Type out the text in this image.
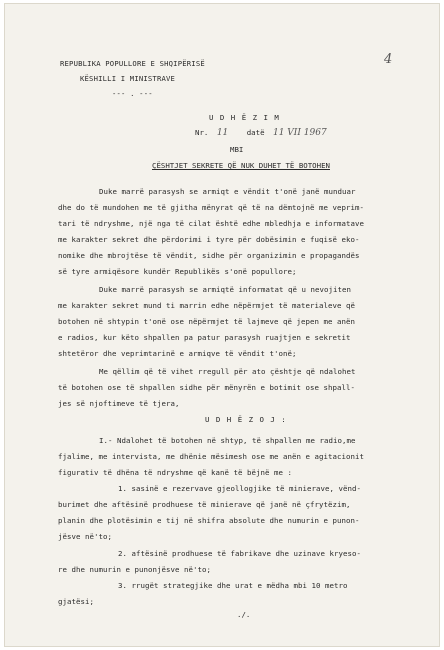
REPUBLIKA POPULLORE E SHQIPËRISË
KËSHILLI I MINISTRAVE
--- . ---
4
U D H Ë Z I M
Nr. 11 datë 11 VII 1967
MBI
ÇËSHTJET SEKRETE QË NUK DUHET TË BOTOHEN
Duke marrë parasysh se armiqt e vëndit t'onë janë munduar
dhe do të mundohen me të gjitha mënyrat që të na dëmtojnë me veprim-
tari të ndryshme, një nga të cilat është edhe mbledhja e informatave
me karakter sekret dhe përdorimi i tyre për dobësimin e fuqisë eko-
nomike dhe mbrojtëse të vëndit, sidhe për organizimin e propagandës
së tyre armiqësore kundër Republikës s'onë popullore;
Duke marrë parasysh se armiqtë informatat që u nevojiten
me karakter sekret mund ti marrin edhe nëpërmjet të materialeve që
botohen në shtypin t'onë ose nëpërmjet të lajmeve që jepen me anën
e radios, kur këto shpallen pa patur parasysh ruajtjen e sekretit
shtetëror dhe veprimtarinë e armiqve të vëndit t'onë;
Me qëllim që të vihet rregull për ato çështje që ndalohet
të botohen ose të shpallen sidhe për mënyrën e botimit ose shpall-
jes së njoftimeve të tjera,
U D H Ë Z O J :
I.- Ndalohet të botohen në shtyp, të shpallen me radio,me
fjalime, me intervista, me dhënie mësimesh ose me anën e agitacionit
figurativ të dhëna të ndryshme që kanë të bëjnë me :
1. sasinë e rezervave gjeollogjike të minierave, vënd-
burimet dhe aftësinë prodhuese të minierave që janë në çfrytëzim,
planin dhe plotësimin e tij në shifra absolute dhe numurin e punon-
jësve në'to;
2. aftësinë prodhuese të fabrikave dhe uzinave kryeso-
re dhe numurin e punonjësve në'to;
3. rrugët strategjike dhe urat e mëdha mbi 10 metro
gjatësi;
./.
